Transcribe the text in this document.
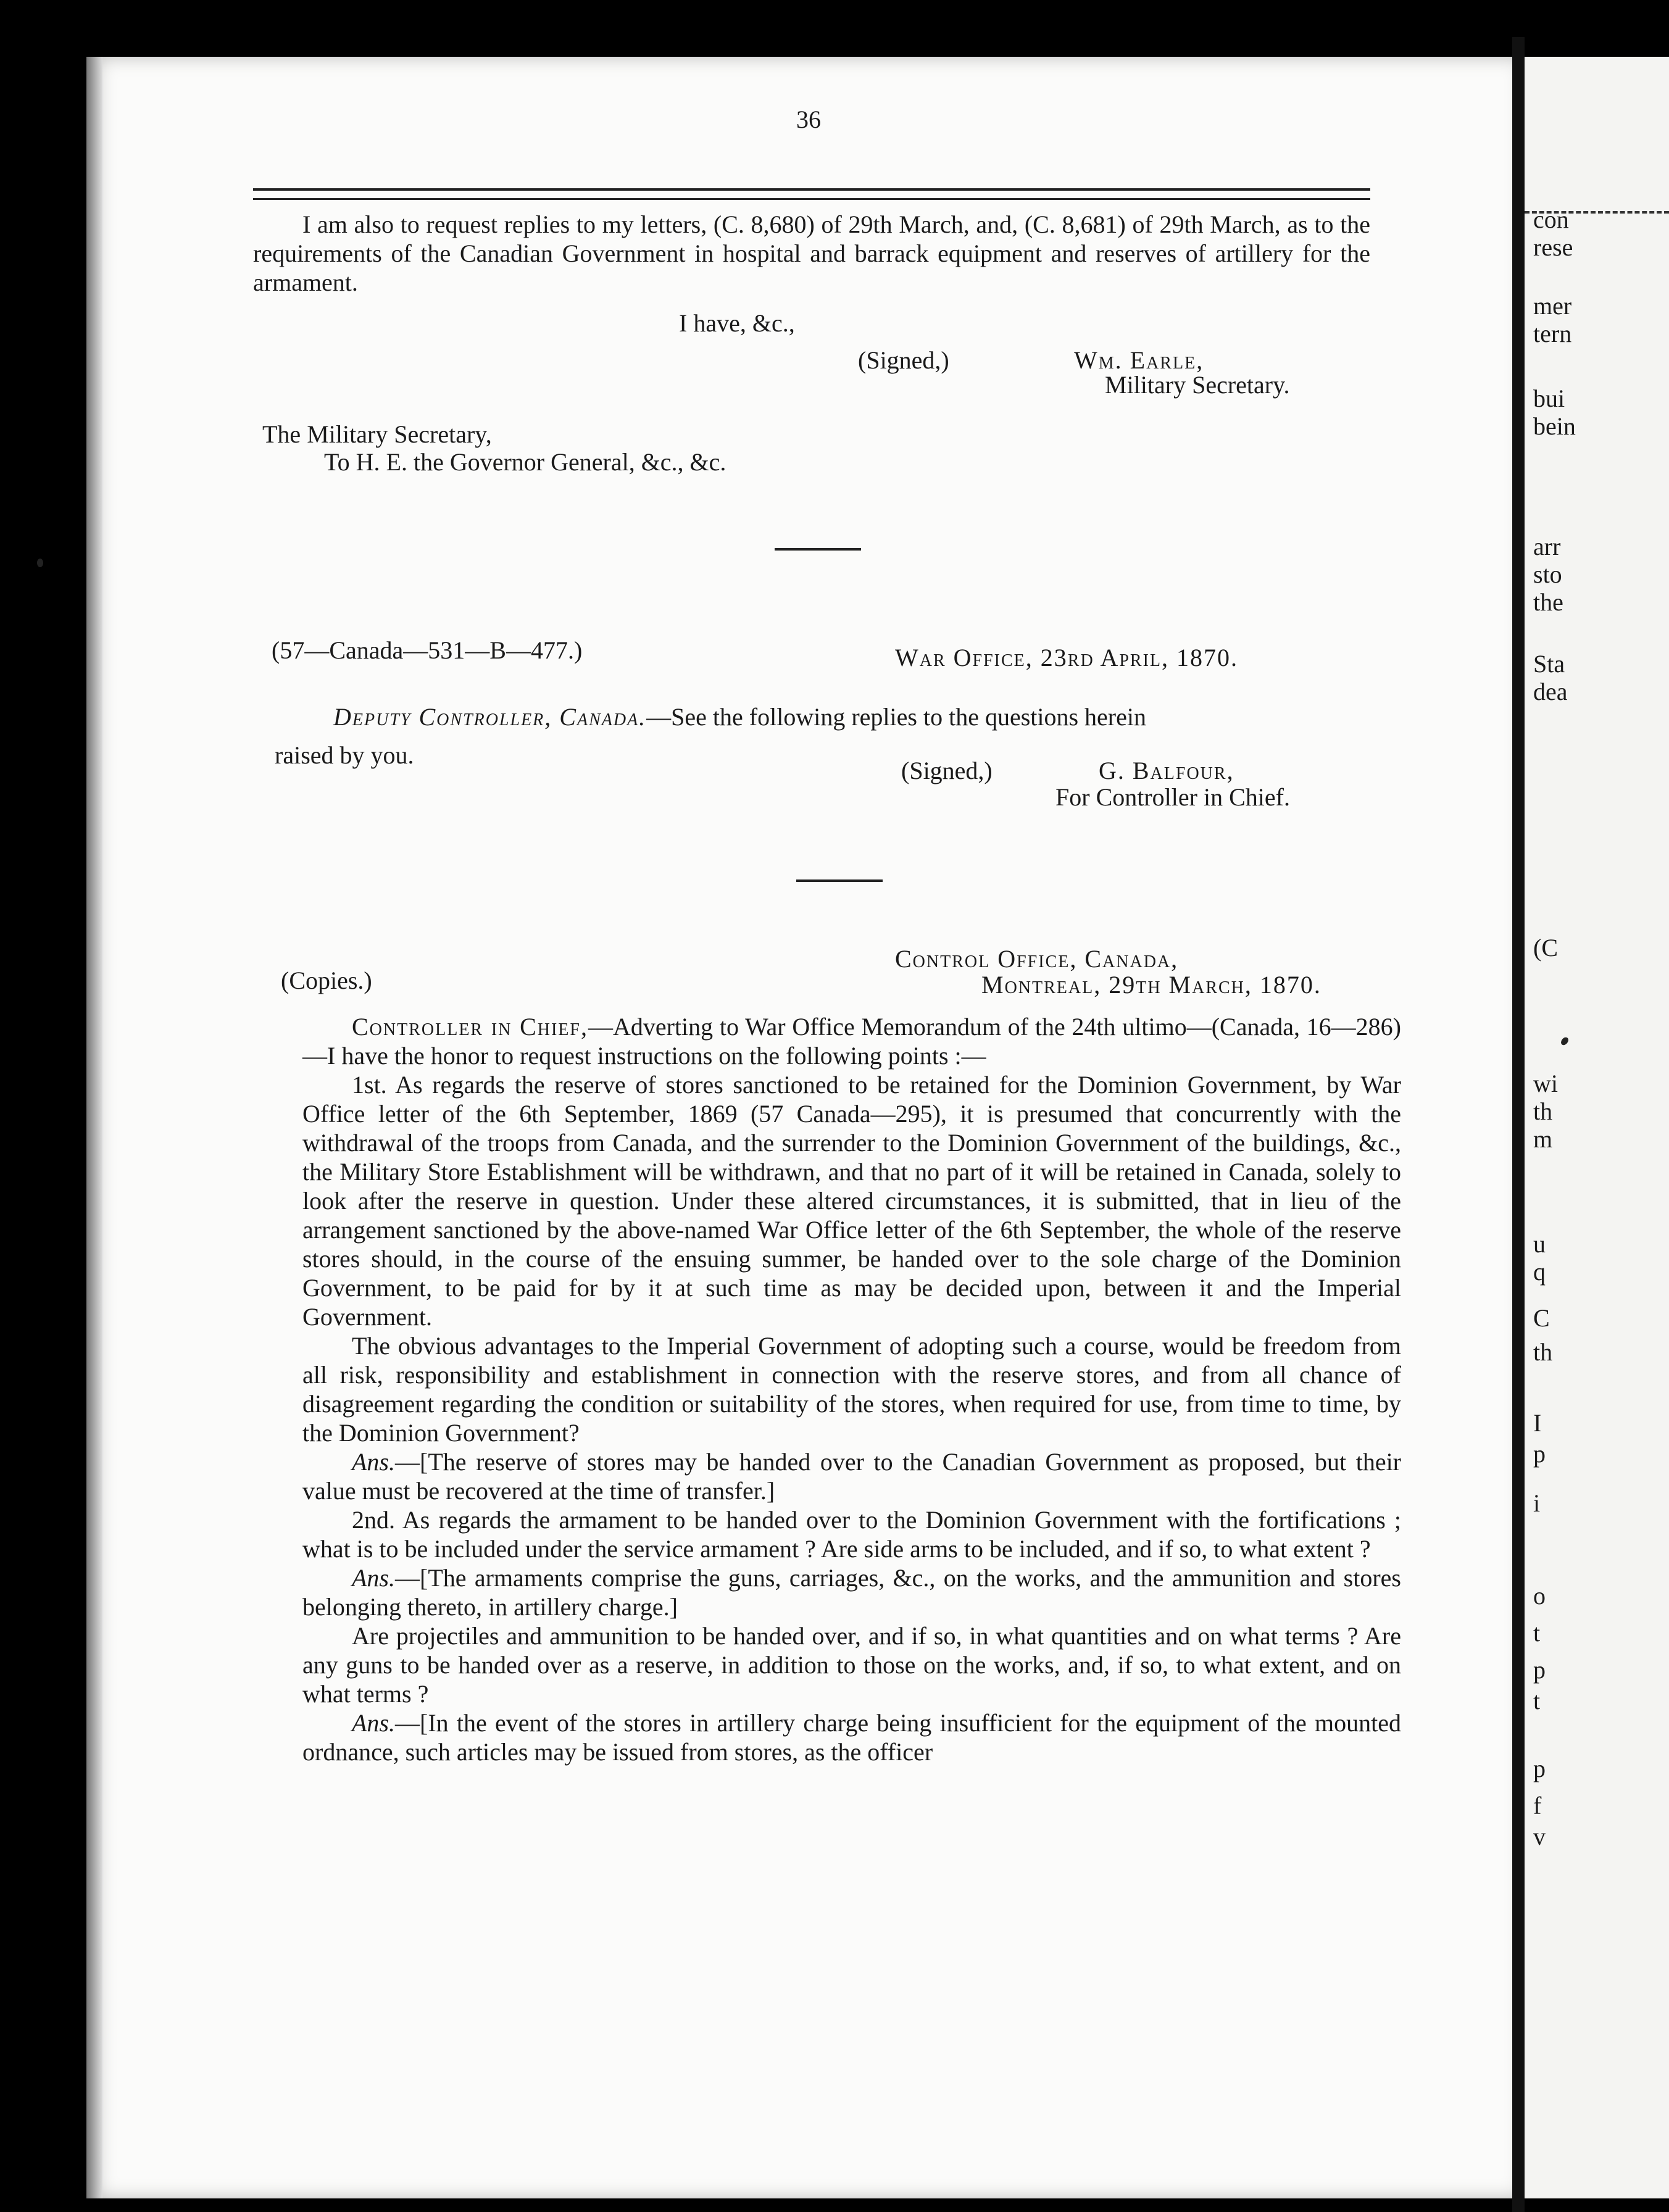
36
I am also to request replies to my letters, (C. 8,680) of 29th March, and, (C. 8,681) of 29th March, as to the requirements of the Canadian Government in hospital and barrack equipment and reserves of artillery for the armament.
I have, &c.,
(Signed,)	Wm. Earle,
Military Secretary.
The Military Secretary,
To H. E. the Governor General, &c., &c.
(57—Canada—531—B—477.)	War Office, 23rd April, 1870.
Deputy Controller, Canada.—See the following replies to the questions herein
raised by you.
(Signed,)	G. Balfour,
For Controller in Chief.
(Copies.)
Control Office, Canada,
Montreal, 29th March, 1870.

Controller in Chief,—Adverting to War Office Memorandum of the 24th ultimo—(Canada, 16—286)—I have the honor to request instructions on the following points :—

1st. As regards the reserve of stores sanctioned to be retained for the Dominion Government, by War Office letter of the 6th September, 1869 (57 Canada—295), it is presumed that concurrently with the withdrawal of the troops from Canada, and the surrender to the Dominion Government of the buildings, &c., the Military Store Establishment will be withdrawn, and that no part of it will be retained in Canada, solely to look after the reserve in question. Under these altered circumstances, it is submitted, that in lieu of the arrangement sanctioned by the above-named War Office letter of the 6th September, the whole of the reserve stores should, in the course of the ensuing summer, be handed over to the sole charge of the Dominion Government, to be paid for by it at such time as may be decided upon, between it and the Imperial Government.

The obvious advantages to the Imperial Government of adopting such a course, would be freedom from all risk, responsibility and establishment in connection with the reserve stores, and from all chance of disagreement regarding the condition or suitability of the stores, when required for use, from time to time, by the Dominion Government?

Ans.—[The reserve of stores may be handed over to the Canadian Government as proposed, but their value must be recovered at the time of transfer.]

2nd. As regards the armament to be handed over to the Dominion Government with the fortifications ; what is to be included under the service armament ? Are side arms to be included, and if so, to what extent ?

Ans.—[The armaments comprise the guns, carriages, &c., on the works, and the ammunition and stores belonging thereto, in artillery charge.]

Are projectiles and ammunition to be handed over, and if so, in what quantities and on what terms ? Are any guns to be handed over as a reserve, in addition to those on the works, and, if so, to what extent, and on what terms ?

Ans.—[In the event of the stores in artillery charge being insufficient for the equipment of the mounted ordnance, such articles may be issued from stores, as the officer

con
rese
mer
tern
bui
bein
arr
sto
the
Sta
dea
(C
wi
th
m
u
q
C
th
I
p
i
o
t
p
t
p
f
v
